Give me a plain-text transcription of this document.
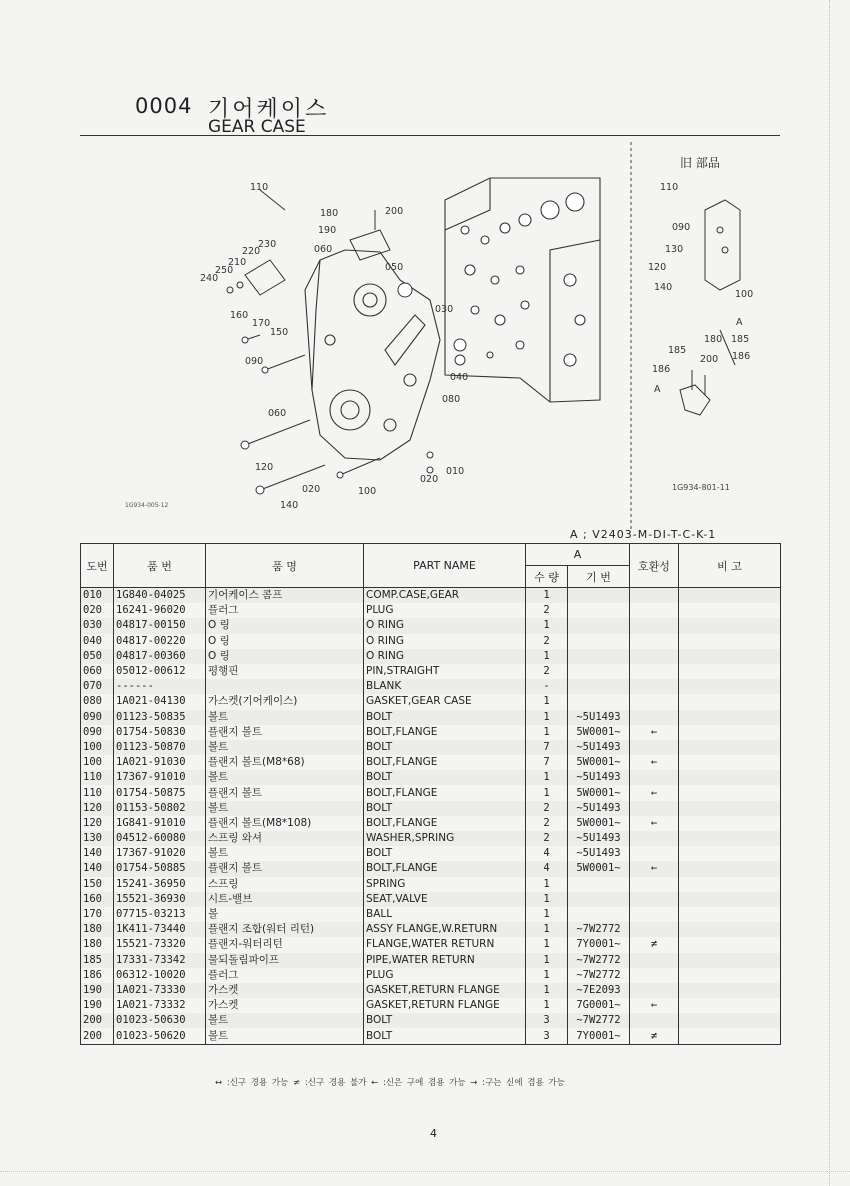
0004 기어케이스
GEAR CASE
110
180	200
190
060
050
230
220
210
250
240
160
170
150
090
030
040
080
060
120
020	100
140
010
020
110
090
130
120
140
100
A
180 185
185
200 186
186
A
旧 部品
1G934-005-12
1G934-801-11
A ; V2403-M-DI-T-C-K-1
도번	품 번	품 명	PART NAME	A		호환성	비 고
				수 량	기 번		
010	1G840-04025	기어케이스 콤프	COMP.CASE,GEAR	1			
020	16241-96020	플러그	PLUG	2			
030	04817-00150	O 링	O RING	1			
040	04817-00220	O 링	O RING	2			
050	04817-00360	O 링	O RING	1			
060	05012-00612	평행핀	PIN,STRAIGHT	2			
070	------		BLANK	-			
080	1A021-04130	가스켓(기어케이스)	GASKET,GEAR CASE	1			
090	01123-50835	볼트	BOLT	1	~5U1493		
090	01754-50830	플랜지 볼트	BOLT,FLANGE	1	5W0001~	←	
100	01123-50870	볼트	BOLT	7	~5U1493		
100	1A021-91030	플랜지 볼트(M8*68)	BOLT,FLANGE	7	5W0001~	←	
110	17367-91010	볼트	BOLT	1	~5U1493		
110	01754-50875	플랜지 볼트	BOLT,FLANGE	1	5W0001~	←	
120	01153-50802	볼트	BOLT	2	~5U1493		
120	1G841-91010	플랜지 볼트(M8*108)	BOLT,FLANGE	2	5W0001~	←	
130	04512-60080	스프링 와셔	WASHER,SPRING	2	~5U1493		
140	17367-91020	볼트	BOLT	4	~5U1493		
140	01754-50885	플랜지 볼트	BOLT,FLANGE	4	5W0001~	←	
150	15241-36950	스프링	SPRING	1			
160	15521-36930	시트-밸브	SEAT,VALVE	1			
170	07715-03213	볼	BALL	1			
180	1K411-73440	플랜지 조합(워터 리턴)	ASSY FLANGE,W.RETURN	1	~7W2772		
180	15521-73320	플랜지-워터리턴	FLANGE,WATER RETURN	1	7Y0001~	≠	
185	17331-73342	물되돌림파이프	PIPE,WATER RETURN	1	~7W2772		
186	06312-10020	플러그	PLUG	1	~7W2772		
190	1A021-73330	가스켓	GASKET,RETURN FLANGE	1	~7E2093		
190	1A021-73332	가스켓	GASKET,RETURN FLANGE	1	7G0001~	←	
200	01023-50630	볼트	BOLT	3	~7W2772		
200	01023-50620	볼트	BOLT	3	7Y0001~	≠	
↔ :신구 경용 가능 ≠ :신구 경용 불가 ← :신은 구에 겸용 가능 → :구는 신에 겸용 가능
4
